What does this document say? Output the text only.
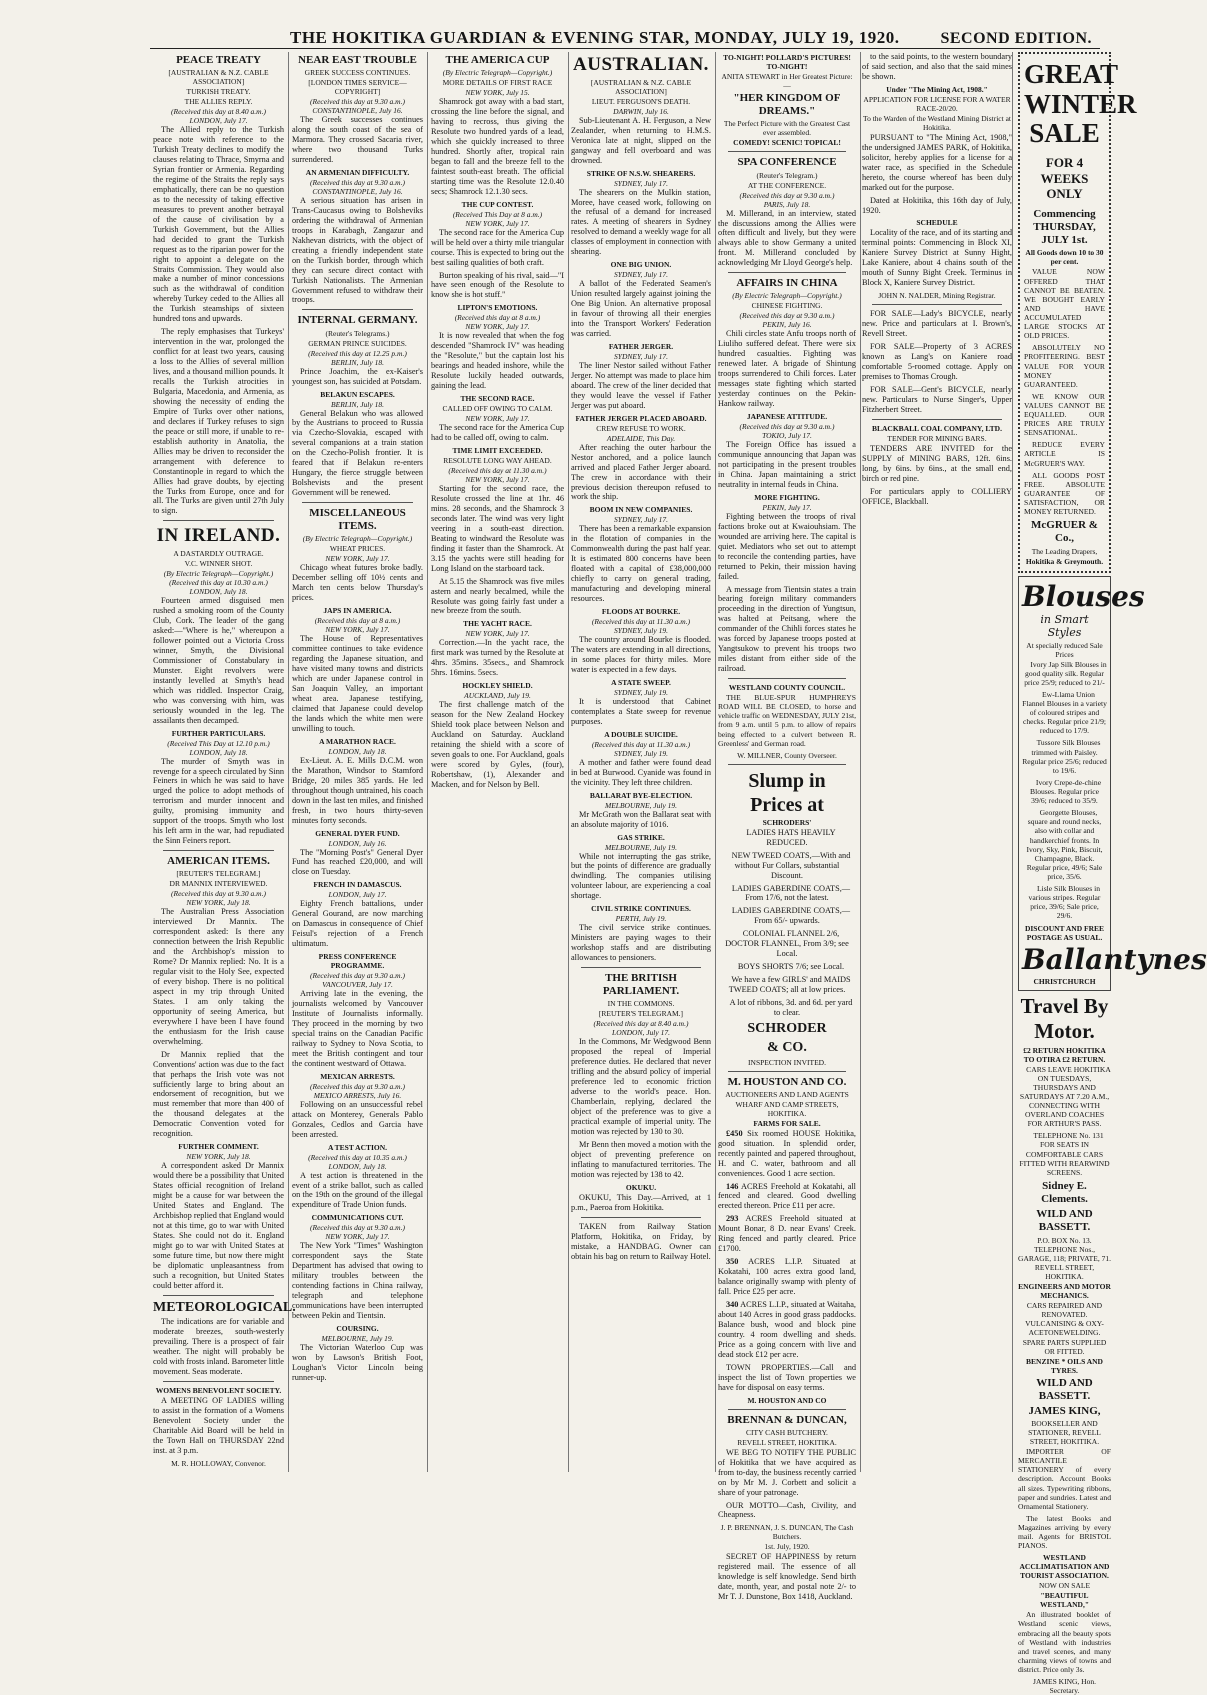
THE HOKITIKA GUARDIAN & EVENING STAR, MONDAY, JULY 19, 1920.	SECOND EDITION.
PEACE TREATY
[AUSTRALIAN & N.Z. CABLE ASSOCIATION]
TURKISH TREATY.
THE ALLIES REPLY.
(Received this day at 8.40 a.m.)
LONDON, July 17.

The Allied reply to the Turkish peace note with reference to the Turkish Treaty declines to modify the clauses relating to Thrace, Smyrna and Syrian frontier or Armenia. Regarding the regime of the Straits the reply says emphatically, there can be no question as to the necessity of taking effective measures to prevent another betrayal of the cause of civilisation by a Turkish Government, but the Allies had decided to grant the Turkish request as to the riparian power for the right to appoint a delegate on the Straits Commission. They would also make a number of minor concessions such as the withdrawal of condition whereby Turkey ceded to the Allies all the Turkish steamships of sixteen hundred tons and upwards.

The reply emphasises that Turkeys' intervention in the war, prolonged the conflict for at least two years, causing a loss to the Allies of several million lives, and a thousand million pounds. It recalls the Turkish atrocities in Bulgaria, Macedonia, and Armenia, as showing the necessity of ending the Empire of Turks over other nations, and declares if Turkey refuses to sign the peace or still more, if unable to re-establish authority in Anatolia, the Allies may be driven to reconsider the arrangement with deference to Constantinople in regard to which the Allies had grave doubts, by ejecting the Turks from Europe, once and for all. The Turks are given until 27th July to sign.

IN IRELAND.
A DASTARDLY OUTRAGE.
V.C. WINNER SHOT.
(By Electric Telegraph—Copyright.)
(Received this day at 10.30 a.m.)
LONDON, July 18.

Fourteen armed disguised men rushed a smoking room of the County Club, Cork. The leader of the gang asked:—"Where is he," whereupon a follower pointed out a Victoria Cross winner, Smyth, the Divisional Commissioner of Constabulary in Munster. Eight revolvers were instantly levelled at Smyth's head which was riddled. Inspector Craig, who was conversing with him, was seriously wounded in the leg. The assailants then decamped.

FURTHER PARTICULARS.
(Received This Day at 12.10 p.m.)
LONDON, July 18.

The murder of Smyth was in revenge for a speech circulated by Sinn Feiners in which he was said to have urged the police to adopt methods of terrorism and murder innocent and guilty, promising immunity and support of the troops. Smyth who lost his left arm in the war, had repudiated the Sinn Feiners report.

AMERICAN ITEMS.
[REUTER'S TELEGRAM.]
DR MANNIX INTERVIEWED.
(Received this day at 9.30 a.m.)
NEW YORK, July 18.

The Australian Press Association interviewed Dr Mannix. The correspondent asked: Is there any connection between the Irish Republic and the Archbishop's mission to Rome? Dr Mannix replied: No. It is a regular visit to the Holy See, expected of every bishop. There is no political aspect in my trip through United States. I am only taking the opportunity of seeing America, but everywhere I have been I have found the enthusiasm for the Irish cause overwhelming.

Dr Mannix replied that the Conventions' action was due to the fact that perhaps the Irish vote was not sufficiently large to bring about an endorsement of recognition, but we must remember that more than 400 of the thousand delegates at the Democratic Convention voted for recognition.

FURTHER COMMENT.
NEW YORK, July 18.

A correspondent asked Dr Mannix would there be a possibility that United States official recognition of Ireland might be a cause for war between the United States and England. The Archbishop replied that England would not at this time, go to war with United States. She could not do it. England might go to war with United States at some future time, but now there might be diplomatic unpleasantness from such a recognition, but United States could better afford it.

METEOROLOGICAL.

The indications are for variable and moderate breezes, south-westerly prevailing. There is a prospect of fair weather. The night will probably be cold with frosts inland. Barometer little movement. Seas moderate.

WOMENS BENEVOLENT SOCIETY.

A MEETING OF LADIES willing to assist in the formation of a Womens Benevolent Society under the Charitable Aid Board will be held in the Town Hall on THURSDAY 22nd inst. at 3 p.m.

M. R. HOLLOWAY, Convenor.
NEAR EAST TROUBLE
GREEK SUCCESS CONTINUES.
[LONDON TIMES SERVICE—COPYRIGHT]
(Received this day at 9.30 a.m.)
CONSTANTINOPLE, July 16.

The Greek successes continues along the south coast of the sea of Marmora. They crossed Sacaria river, where two thousand Turks surrendered.

AN ARMENIAN DIFFICULTY.
(Received this day at 9.30 a.m.)
CONSTANTINOPLE, July 16.

A serious situation has arisen in Trans-Caucasus owing to Bolsheviks ordering the withdrawal of Armenian troops in Karabagh, Zangazur and Nakhevan districts, with the object of creating a friendly independent state on the Turkish border, through which they can secure direct contact with Turkish Nationalists. The Armenian Government refused to withdraw their troops.

INTERNAL GERMANY.
(Reuter's Telegrams.)
GERMAN PRINCE SUICIDES.
(Received this day at 12.25 p.m.)
BERLIN, July 18.

Prince Joachim, the ex-Kaiser's youngest son, has suicided at Potsdam.

BELAKUN ESCAPES.
BERLIN, July 18.

General Belakun who was allowed by the Austrians to proceed to Russia via Czecho-Slovakia, escaped with several companions at a train station on the Czecho-Polish frontier. It is feared that if Belakun re-enters Hungary, the fierce struggle between Bolshevists and the present Government will be renewed.

MISCELLANEOUS ITEMS.
(By Electric Telegraph—Copyright.)
WHEAT PRICES.
NEW YORK, July 17.

Chicago wheat futures broke badly. December selling off 10½ cents and March ten cents below Thursday's prices.

JAPS IN AMERICA.
(Received this day at 8 a.m.)
NEW YORK, July 17.

The House of Representatives committee continues to take evidence regarding the Japanese situation, and have visited many towns and districts which are under Japanese control in San Joaquin Valley, an important wheat area. Japanese testifying, claimed that Japanese could develop the lands which the white men were unwilling to touch.

A MARATHON RACE.
LONDON, July 18.

Ex-Lieut. A. E. Mills D.C.M. won the Marathon, Windsor to Stamford Bridge, 20 miles 385 yards. He led throughout though untrained, his coach down in the last ten miles, and finished fresh, in two hours thirty-seven minutes forty seconds.

GENERAL DYER FUND.
LONDON, July 16.

The "Morning Post's" General Dyer Fund has reached £20,000, and will close on Tuesday.

FRENCH IN DAMASCUS.
LONDON, July 17.

Eighty French battalions, under General Gourand, are now marching on Damascus in consequence of Chief Feisul's rejection of a French ultimatum.

PRESS CONFERENCE PROGRAMME.
(Received this day at 9.30 a.m.)
VANCOUVER, July 17.

Arriving late in the evening, the journalists welcomed by Vancouver Institute of Journalists informally. They proceed in the morning by two special trains on the Canadian Pacific railway to Sydney to Nova Scotia, to meet the British contingent and tour the continent westward of Ottawa.

MEXICAN ARRESTS.
(Received this day at 9.30 a.m.)
MEXICO ARRESTS, July 16.

Following on an unsuccessful rebel attack on Monterey, Generals Pablo Gonzales, Cedlos and Garcia have been arrested.

A TEST ACTION.
(Received this day at 10.35 a.m.)
LONDON, July 18.

A test action is threatened in the event of a strike ballot, such as called on the 19th on the ground of the illegal expenditure of Trade Union funds.

COMMUNICATIONS CUT.
(Received this day at 9.30 a.m.)
NEW YORK, July 17.

The New York "Times" Washington correspondent says the State Department has advised that owing to military troubles between the contending factions in China railway, telegraph and telephone communications have been interrupted between Pekin and Tientsin.

COURSING.
MELBOURNE, July 19.

The Victorian Waterloo Cup was won by Lawson's British Foot, Loughan's Victor Lincoln being runner-up.

THE AMERICA CUP
(By Electric Telegraph—Copyright.)
MORE DETAILS OF FIRST RACE
NEW YORK, July 15.

Shamrock got away with a bad start, crossing the line before the signal, and having to recross, thus giving the Resolute two hundred yards of a lead, which she quickly increased to three hundred. Shortly after, tropical rain began to fall and the breeze fell to the faintest south-east breath. The official starting time was the Resolute 12.0.40 secs; Shamrock 12.1.30 secs.

THE CUP CONTEST.
(Received This Day at 8 a.m.)
NEW YORK, July 17.

The second race for the America Cup will be held over a thirty mile triangular course. This is expected to bring out the best sailing qualities of both craft.

Burton speaking of his rival, said—"I have seen enough of the Resolute to know she is hot stuff."

LIPTON'S EMOTIONS.
(Received this day at 8 a.m.)
NEW YORK, July 17.

It is now revealed that when the fog descended "Shamrock IV" was heading the "Resolute," but the captain lost his bearings and headed inshore, while the Resolute luckily headed outwards, gaining the lead.

THE SECOND RACE.
CALLED OFF OWING TO CALM.
NEW YORK, July 17.

The second race for the America Cup had to be called off, owing to calm.

TIME LIMIT EXCEEDED.
RESOLUTE LONG WAY AHEAD.
(Received this day at 11.30 a.m.)
NEW YORK, July 17.

Starting for the second race, the Resolute crossed the line at 1hr. 46 mins. 28 seconds, and the Shamrock 3 seconds later. The wind was very light veering in a south-east direction. Beating to windward the Resolute was finding it faster than the Shamrock. At 3.15 the yachts were still heading for Long Island on the starboard tack.

At 5.15 the Shamrock was five miles astern and nearly becalmed, while the Resolute was going fairly fast under a new breeze from the south.

THE YACHT RACE.
NEW YORK, July 17.

Correction.—In the yacht race, the first mark was turned by the Resolute at 4hrs. 35mins. 35secs., and Shamrock 5hrs. 16mins. 5secs.

HOCKLEY SHIELD.
AUCKLAND, July 19.

The first challenge match of the season for the New Zealand Hockey Shield took place between Nelson and Auckland on Saturday. Auckland retaining the shield with a score of seven goals to one. For Auckland, goals were scored by Gyles, (four), Robertshaw, (1), Alexander and Macken, and for Nelson by Bell.

AUSTRALIAN.
[AUSTRALIAN & N.Z. CABLE ASSOCIATION]
LIEUT. FERGUSON'S DEATH.
DARWIN, July 16.

Sub-Lieutenant A. H. Ferguson, a New Zealander, when returning to H.M.S. Veronica late at night, slipped on the gangway and fell overboard and was drowned.

STRIKE OF N.S.W. SHEARERS.
SYDNEY, July 17.

The shearers on the Mulkin station, Moree, have ceased work, following on the refusal of a demand for increased rates. A meeting of shearers in Sydney resolved to demand a weekly wage for all classes of employment in connection with shearing.

ONE BIG UNION.
SYDNEY, July 17.

A ballot of the Federated Seamen's Union resulted largely against joining the One Big Union. An alternative proposal in favour of throwing all their energies into the Transport Workers' Federation was carried.

FATHER JERGER.
SYDNEY, July 17.

The liner Nestor sailed without Father Jerger. No attempt was made to place him aboard. The crew of the liner decided that they would leave the vessel if Father Jerger was put aboard.

FATHER JERGER PLACED ABOARD.
CREW REFUSE TO WORK.
ADELAIDE, This Day.

After reaching the outer harbour the Nestor anchored, and a police launch arrived and placed Father Jerger aboard. The crew in accordance with their previous decision thereupon refused to work the ship.

BOOM IN NEW COMPANIES.
SYDNEY, July 17.

There has been a remarkable expansion in the flotation of companies in the Commonwealth during the past half year. It is estimated 800 concerns have been floated with a capital of £38,000,000 chiefly to carry on general trading, manufacturing and developing mineral resources.

FLOODS AT BOURKE.
(Received this day at 11.30 a.m.)
SYDNEY, July 19.

The country around Bourke is flooded. The waters are extending in all directions, in some places for thirty miles. More water is expected in a few days.

A STATE SWEEP.
SYDNEY, July 19.

It is understood that Cabinet contemplates a State sweep for revenue purposes.

A DOUBLE SUICIDE.
(Received this day at 11.30 a.m.)
SYDNEY, July 19.

A mother and father were found dead in bed at Burwood. Cyanide was found in the vicinity. They left three children.

BALLARAT BYE-ELECTION.
MELBOURNE, July 19.

Mr McGrath won the Ballarat seat with an absolute majority of 1016.

GAS STRIKE.
MELBOURNE, July 19.

While not interrupting the gas strike, but the points of difference are gradually dwindling. The companies utilising volunteer labour, are experiencing a coal shortage.

CIVIL STRIKE CONTINUES.
PERTH, July 19.

The civil service strike continues. Ministers are paying wages to their workshop staffs and are distributing allowances to pensioners.

THE BRITISH PARLIAMENT.
IN THE COMMONS.
[REUTER'S TELEGRAM.]
(Received this day at 8.40 a.m.)
LONDON, July 17.

In the Commons, Mr Wedgwood Benn proposed the repeal of Imperial preference duties. He declared that never trifling and the absurd policy of imperial preference led to economic friction adverse to the world's peace. Hon. Chamberlain, replying, declared the object of the preference was to give a practical example of imperial unity. The motion was rejected by 130 to 30.

Mr Benn then moved a motion with the object of preventing preference on inflating to manufactured territories. The motion was rejected by 138 to 42.

OKUKU.

OKUKU, This Day.—Arrived, at 1 p.m., Paeroa from Hokitika.

TAKEN from Railway Station Platform, Hokitika, on Friday, by mistake, a HANDBAG. Owner can obtain his bag on return to Railway Hotel.

TO-NIGHT! POLLARD'S PICTURES! TO-NIGHT!
ANITA STEWART in Her Greatest Picture:—
"HER KINGDOM OF DREAMS."
The Perfect Picture with the Greatest Cast ever assembled.
COMEDY! SCENIC! TOPICAL!
SPA CONFERENCE
(Reuter's Telegram.)
AT THE CONFERENCE.
(Received this day at 9.30 a.m.)
PARIS, July 18.

M. Millerand, in an interview, stated the discussions among the Allies were often difficult and lively, but they were always able to show Germany a united front. M. Millerand concluded by acknowledging Mr Lloyd George's help.

AFFAIRS IN CHINA
(By Electric Telegraph—Copyright.)
CHINESE FIGHTING.
(Received this day at 9.30 a.m.)
PEKIN, July 16.

Chili circles state Anfu troops north of Liuliho suffered defeat. There were six hundred casualties. Fighting was renewed later. A brigade of Shintung troops surrendered to Chili forces. Later messages state fighting which started yesterday continues on the Pekin-Hankow railway.

JAPANESE ATTITUDE.
(Received this day at 9.30 a.m.)
TOKIO, July 17.

The Foreign Office has issued a communique announcing that Japan was not participating in the present troubles in China. Japan maintaining a strict neutrality in internal feuds in China.

MORE FIGHTING.
PEKIN, July 17.

Fighting between the troops of rival factions broke out at Kwaiouhsiam. The wounded are arriving here. The capital is quiet. Mediators who set out to attempt to reconcile the contending parties, have returned to Pekin, their mission having failed.

A message from Tientsin states a train bearing foreign military commanders proceeding in the direction of Yungtsun, was halted at Peitsang, where the commander of the Chihli forces states he was forced by Japanese troops posted at Yangtsukow to prevent his troops two miles distant from either side of the railroad.

WESTLAND COUNTY COUNCIL.

THE BLUE-SPUR HUMPHREYS ROAD WILL BE CLOSED, to horse and vehicle traffic on WEDNESDAY, JULY 21st, from 9 a.m. until 5 p.m. to allow of repairs being effected to a culvert between R. Greenless' and German road.

W. MILLNER, County Overseer.
Slump in
Prices at
SCHRODERS'

LADIES HATS HEAVILY REDUCED.

NEW TWEED COATS,—With and without Fur Collars, substantial Discount.

LADIES GABERDINE COATS,— From 17/6, not the latest.

LADIES GABERDINE COATS,— From 65/- upwards.

COLONIAL FLANNEL 2/6, DOCTOR FLANNEL, From 3/9; see Local.

BOYS SHORTS 7/6; see Local.

We have a few GIRLS' and MAIDS TWEED COATS; all at low prices.

A lot of ribbons, 3d. and 6d. per yard to clear.

SCHRODER
& CO.
INSPECTION INVITED.
M. HOUSTON AND CO.
AUCTIONEERS AND LAND AGENTS
WHARF AND CAMP STREETS, HOKITIKA.
FARMS FOR SALE.

£450 Six roomed HOUSE Hokitika, good situation. In splendid order, recently painted and papered throughout, H. and C. water, bathroom and all conveniences. Good 1 acre section.

146 ACRES Freehold at Kokatahi, all fenced and cleared. Good dwelling erected thereon. Price £11 per acre.

293 ACRES Freehold situated at Mount Bonar, 8 D. near Evans' Creek. Ring fenced and partly cleared. Price £1700.

350 ACRES L.I.P. Situated at Kokatahi, 100 acres extra good land, balance originally swamp with plenty of fall. Price £25 per acre.

340 ACRES L.I.P., situated at Waitaha, about 140 Acres in good grass paddocks. Balance bush, wood and block pine country. 4 room dwelling and sheds. Price as a going concern with live and dead stock £12 per acre.

TOWN PROPERTIES.—Call and inspect the list of Town properties we have for disposal on easy terms.

M. HOUSTON AND CO
BRENNAN & DUNCAN,
CITY CASH BUTCHERY.
REVELL STREET, HOKITIKA.

WE BEG TO NOTIFY THE PUBLIC of Hokitika that we have acquired as from to-day, the business recently carried on by Mr M. J. Corbett and solicit a share of your patronage.

OUR MOTTO—Cash, Civility, and Cheapness.

J. P. BRENNAN, J. S. DUNCAN, The Cash Butchers.
1st. July, 1920.

SECRET OF HAPPINESS by return registered mail. The essence of all knowledge is self knowledge. Send birth date, month, year, and postal note 2/- to Mr T. J. Dunstone, Box 1418, Auckland.

to the said points, to the western boundary of said section, and also that the said mines be shown.

Under "The Mining Act, 1908."
APPLICATION FOR LICENSE FOR A WATER RACE-20/20.
To the Warden of the Westland Mining District at Hokitika.

PURSUANT to "The Mining Act, 1908," the undersigned JAMES PARK, of Hokitika, solicitor, hereby applies for a license for a water race, as specified in the Schedule hereto, the course whereof has been duly marked out for the purpose.

Dated at Hokitika, this 16th day of July, 1920.

SCHEDULE

Locality of the race, and of its starting and terminal points: Commencing in Block XI, Kaniere Survey District at Sunny Hight, Lake Kaniere, about 4 chains south of the mouth of Sunny Bight Creek. Terminus in Block X, Kaniere Survey District.

JOHN N. NALDER, Mining Registrar.

FOR SALE—Lady's BICYCLE, nearly new. Price and particulars at I. Brown's, Revell Street.

FOR SALE—Property of 3 ACRES known as Lang's on Kaniere road comfortable 5-roomed cottage. Apply on premises to Thomas Crough.

FOR SALE—Gent's BICYCLE, nearly new. Particulars to Nurse Singer's, Upper Fitzherbert Street.

BLACKBALL COAL COMPANY, LTD.
TENDER FOR MINING BARS.

TENDERS ARE INVITED for the SUPPLY of MINING BARS, 12ft. 6ins. long, by 6ins. by 6ins., at the small end, birch or red pine.

For particulars apply to COLLIERY OFFICE, Blackball.

GREAT WINTER SALE
FOR 4 WEEKS ONLY
Commencing THURSDAY,
JULY 1st.
All Goods down 10 to 30 per cent.

VALUE NOW OFFERED THAT CANNOT BE BEATEN. WE BOUGHT EARLY AND HAVE ACCUMULATED LARGE STOCKS AT OLD PRICES.

ABSOLUTELY NO PROFITEERING. BEST VALUE FOR YOUR MONEY GUARANTEED.

WE KNOW OUR VALUES CANNOT BE EQUALLED. OUR PRICES ARE TRULY SENSATIONAL.

REDUCE EVERY ARTICLE IS McGRUER'S WAY.

ALL GOODS POST FREE. ABSOLUTE GUARANTEE OF SATISFACTION, OR MONEY RETURNED.

McGRUER & Co.,
The Leading Drapers,
Hokitika & Greymouth.
Blouses
in Smart Styles
At specially reduced Sale Prices

Ivory Jap Silk Blouses in good quality silk. Regular price 25/9; reduced to 21/-

Ew-Llama Union Flannel Blouses in a variety of coloured stripes and checks. Regular price 21/9; reduced to 17/9.

Tussore Silk Blouses trimmed with Paisley. Regular price 25/6; reduced to 19/6.

Ivory Crepe-de-chine Blouses. Regular price 39/6; reduced to 35/9.

Georgette Blouses, square and round necks, also with collar and handkerchief fronts. In Ivory, Sky, Pink, Biscuit, Champagne, Black. Regular price, 49/6; Sale price, 35/6.

Lisle Silk Blouses in various stripes. Regular price, 39/6; Sale price, 29/6.

DISCOUNT AND FREE POSTAGE AS USUAL.
Ballantynes
CHRISTCHURCH
Travel By Motor.
£2 RETURN HOKITIKA TO OTIRA £2 RETURN.

CARS LEAVE HOKITIKA ON TUESDAYS, THURSDAYS AND SATURDAYS AT 7.20 A.M., CONNECTING WITH OVERLAND COACHES FOR ARTHUR'S PASS.

TELEPHONE No. 131 FOR SEATS IN COMFORTABLE CARS FITTED WITH REARWIND SCREENS.

Sidney E. Clements.
WILD AND BASSETT.
P.O. BOX No. 13. TELEPHONE Nos., GARAGE, 118; PRIVATE, 71. REVELL STREET, HOKITIKA.
ENGINEERS AND MOTOR MECHANICS.
CARS REPAIRED AND RENOVATED. VULCANISING & OXY-ACETONEWELDING.
SPARE PARTS SUPPLIED OR FITTED.
BENZINE * OILS AND TYRES.
WILD AND BASSETT.
JAMES KING,
BOOKSELLER AND STATIONER, REVELL STREET, HOKITIKA.

IMPORTER OF MERCANTILE STATIONERY of every description. Account Books all sizes. Typewriting ribbons, paper and sundries. Latest and Ornamental Stationery.

The latest Books and Magazines arriving by every mail. Agents for BRISTOL PIANOS.

WESTLAND ACCLIMATISATION AND TOURIST ASSOCIATION.
NOW ON SALE
"BEAUTIFUL WESTLAND,"

An illustrated booklet of Westland scenic views, embracing all the beauty spots of Westland with industries and travel scenes, and many charming views of towns and district. Price only 3s.

JAMES KING, Hon. Secretary.
